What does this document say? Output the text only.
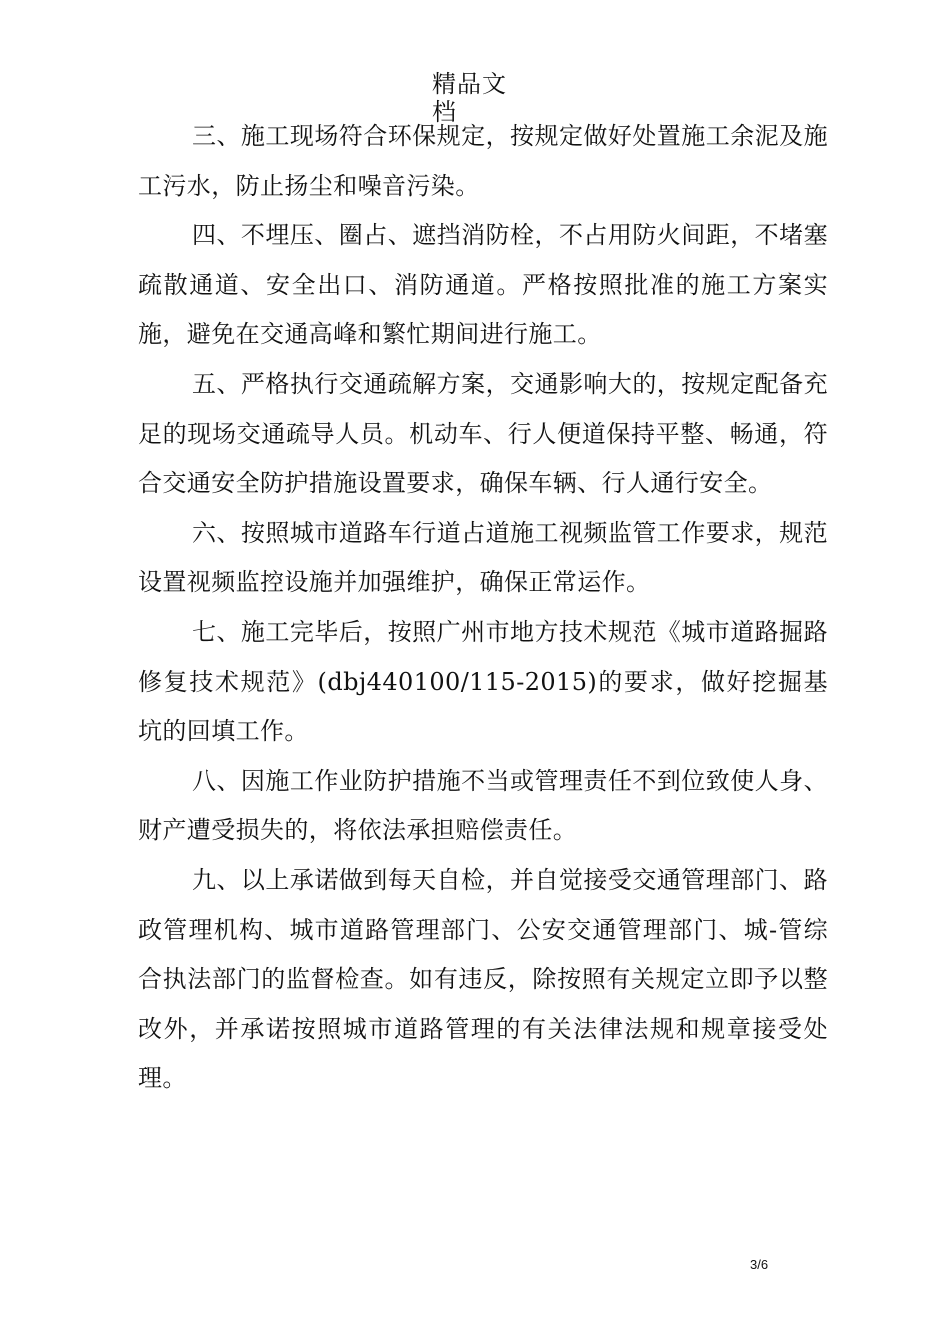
精品文档

三、施工现场符合环保规定，按规定做好处置施工余泥及施工污水，防止扬尘和噪音污染。

四、不埋压、圈占、遮挡消防栓，不占用防火间距，不堵塞疏散通道、安全出口、消防通道。严格按照批准的施工方案实施，避免在交通高峰和繁忙期间进行施工。

五、严格执行交通疏解方案，交通影响大的，按规定配备充足的现场交通疏导人员。机动车、行人便道保持平整、畅通，符合交通安全防护措施设置要求，确保车辆、行人通行安全。

六、按照城市道路车行道占道施工视频监管工作要求，规范设置视频监控设施并加强维护，确保正常运作。

七、施工完毕后，按照广州市地方技术规范《城市道路掘路修复技术规范》(dbj440100/115-2015)的要求，做好挖掘基坑的回填工作。

八、因施工作业防护措施不当或管理责任不到位致使人身、财产遭受损失的，将依法承担赔偿责任。

九、以上承诺做到每天自检，并自觉接受交通管理部门、路政管理机构、城市道路管理部门、公安交通管理部门、城-管综合执法部门的监督检查。如有违反，除按照有关规定立即予以整改外，并承诺按照城市道路管理的有关法律法规和规章接受处理。

3/6
